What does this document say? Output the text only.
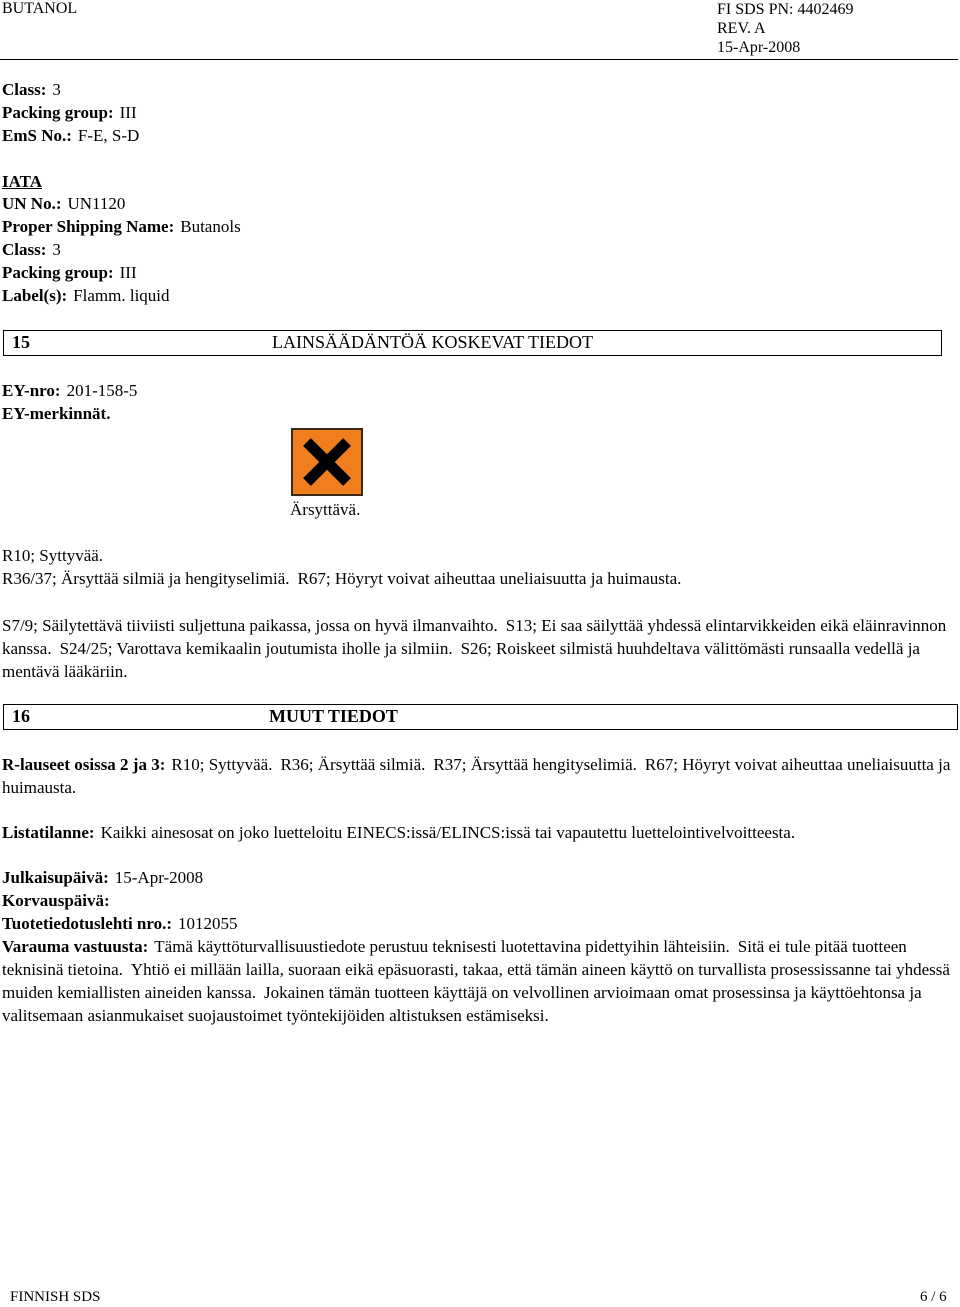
BUTANOL	FI SDS PN: 4402469
REV. A
15-Apr-2008
Class: 3
Packing group: III
EmS No.: F-E, S-D
IATA
UN No.: UN1120
Proper Shipping Name: Butanols
Class: 3
Packing group: III
Label(s): Flamm. liquid
15	LAINSÄÄDÄNTÖÄ KOSKEVAT TIEDOT
EY-nro: 201-158-5
EY-merkinnät.
Ärsyttävä.
R10; Syttyvää.
R36/37; Ärsyttää silmiä ja hengityselimiä. R67; Höyryt voivat aiheuttaa uneliaisuutta ja huimausta.
S7/9; Säilytettävä tiiviisti suljettuna paikassa, jossa on hyvä ilmanvaihto. S13; Ei saa säilyttää yhdessä elintarvikkeiden eikä eläinravinnon kanssa. S24/25; Varottava kemikaalin joutumista iholle ja silmiin. S26; Roiskeet silmistä huuhdeltava välittömästi runsaalla vedellä ja mentävä lääkäriin.
16	MUUT TIEDOT
R-lauseet osissa 2 ja 3: R10; Syttyvää. R36; Ärsyttää silmiä. R37; Ärsyttää hengityselimiä. R67; Höyryt voivat aiheuttaa uneliaisuutta ja huimausta.
Listatilanne: Kaikki ainesosat on joko luetteloitu EINECS:issä/ELINCS:issä tai vapautettu luettelointivelvoitteesta.
Julkaisupäivä: 15-Apr-2008
Korvauspäivä:
Tuotetiedotuslehti nro.: 1012055
Varauma vastuusta: Tämä käyttöturvallisuustiedote perustuu teknisesti luotettavina pidettyihin lähteisiin. Sitä ei tule pitää tuotteen teknisinä tietoina. Yhtiö ei millään lailla, suoraan eikä epäsuorasti, takaa, että tämän aineen käyttö on turvallista prosessissanne tai yhdessä muiden kemiallisten aineiden kanssa. Jokainen tämän tuotteen käyttäjä on velvollinen arvioimaan omat prosessinsa ja käyttöehtonsa ja valitsemaan asianmukaiset suojaustoimet työntekijöiden altistuksen estämiseksi.
FINNISH SDS	6 / 6
